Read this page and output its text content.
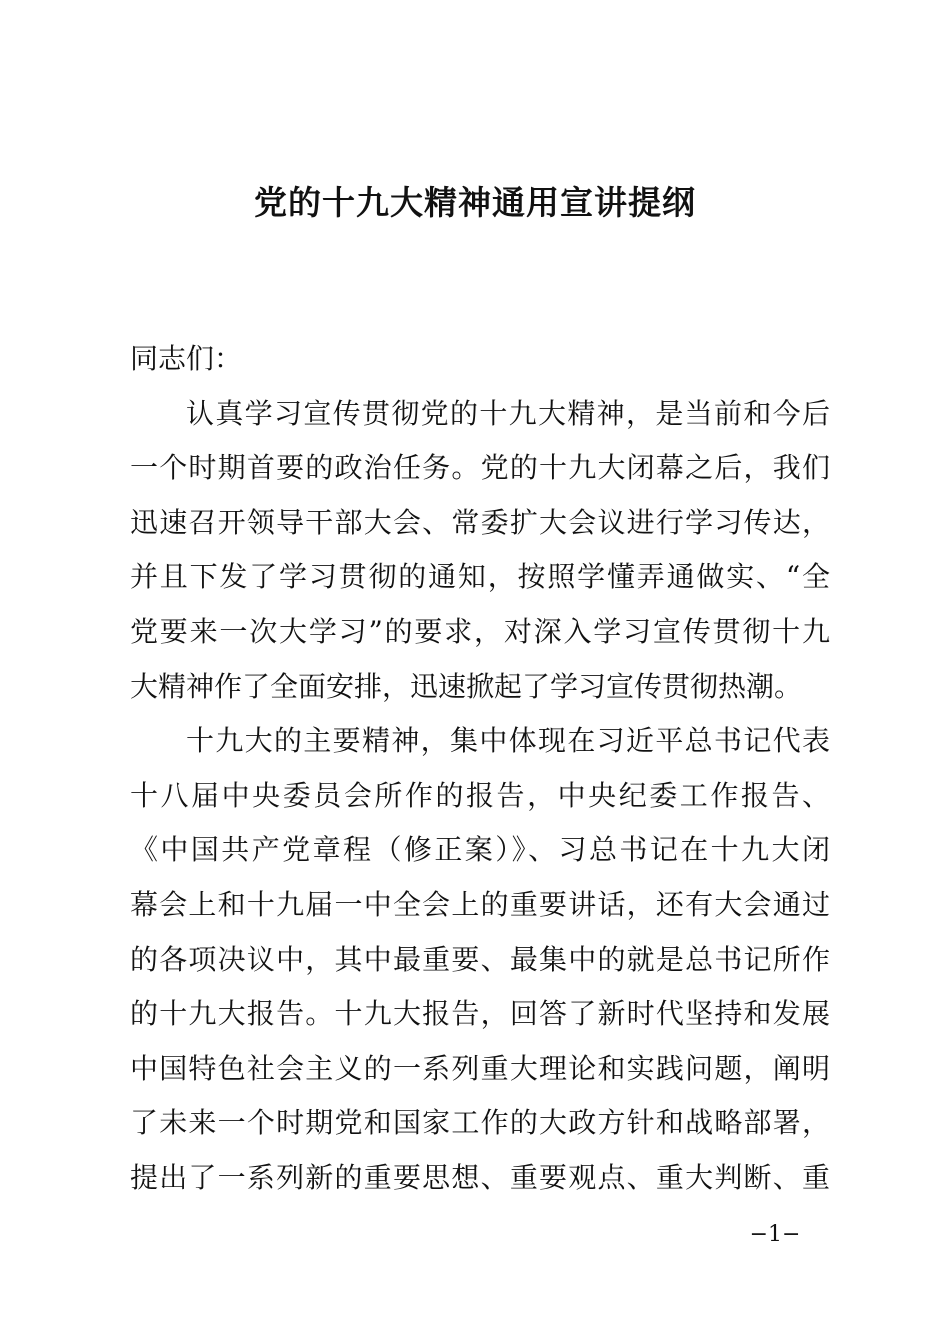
党的十九大精神通用宣讲提纲
同志们：
认真学习宣传贯彻党的十九大精神，是当前和今后
一个时期首要的政治任务。党的十九大闭幕之后，我们
迅速召开领导干部大会、常委扩大会议进行学习传达，
并且下发了学习贯彻的通知，按照学懂弄通做实、“全
党要来一次大学习”的要求，对深入学习宣传贯彻十九
大精神作了全面安排，迅速掀起了学习宣传贯彻热潮。
十九大的主要精神，集中体现在习近平总书记代表
十八届中央委员会所作的报告，中央纪委工作报告、
《中国共产党章程（修正案）》、习总书记在十九大闭
幕会上和十九届一中全会上的重要讲话，还有大会通过
的各项决议中，其中最重要、最集中的就是总书记所作
的十九大报告。十九大报告，回答了新时代坚持和发展
中国特色社会主义的一系列重大理论和实践问题，阐明
了未来一个时期党和国家工作的大政方针和战略部署，
提出了一系列新的重要思想、重要观点、重大判断、重
−1−
